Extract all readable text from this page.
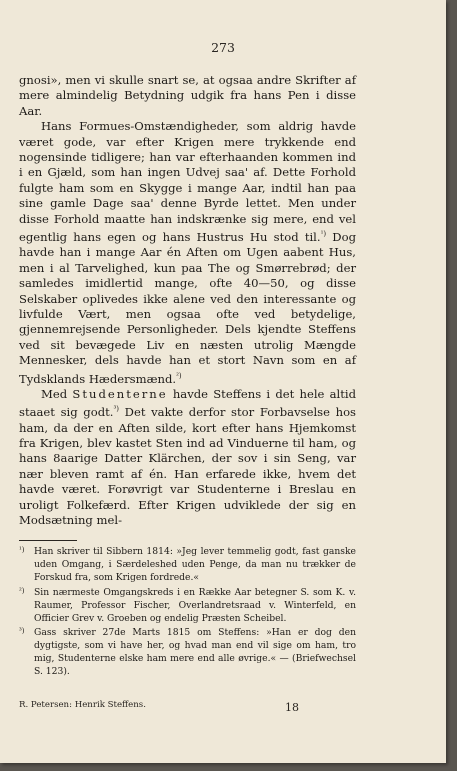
273

gnosi», men vi skulle snart se, at ogsaa andre Skrifter af mere almindelig Betydning udgik fra hans Pen i disse Aar.

Hans Formues-Omstændigheder, som aldrig havde været gode, var efter Krigen mere trykkende end nogensinde tidligere; han var efterhaanden kommen ind i en Gjæld, som han ingen Udvej saa' af. Dette Forhold fulgte ham som en Skygge i mange Aar, indtil han paa sine gamle Dage saa' denne Byrde lettet. Men under disse Forhold maatte han indskrænke sig mere, end vel egentlig hans egen og hans Hustrus Hu stod til.$^{^1)}$ Dog havde han i mange Aar én Aften om Ugen aabent Hus, men i al Tarvelighed, kun paa The og Smørrebrød; der samledes imidlertid mange, ofte 40—50, og disse Selskaber oplivedes ikke alene ved den interessante og livfulde Vært, men ogsaa ofte ved betydelige, gjennemrejsende Personligheder. Dels kjendte Steffens ved sit bevægede Liv en næsten utrolig Mængde Mennesker, dels havde han et stort Navn som en af Tydsklands Hædersmænd.$^{^2)}$

Med Studenterne havde Steffens i det hele altid staaet sig godt.$^{^3)}$ Det vakte derfor stor Forbavselse hos ham, da der en Aften silde, kort efter hans Hjemkomst fra Krigen, blev kastet Sten ind ad Vinduerne til ham, og hans 8aarige Datter Klärchen, der sov i sin Seng, var nær bleven ramt af én. Han erfarede ikke, hvem det havde været. Forøvrigt var Studenterne i Breslau en uroligt Folkefærd. Efter Krigen udviklede der sig en Modsætning mel-

¹) Han skriver til Sibbern 1814: »Jeg lever temmelig godt, fast ganske uden Omgang, i Særdeleshed uden Penge, da man nu trækker de Forskud fra, som Krigen fordrede.«
²) Sin nærmeste Omgangskreds i en Række Aar betegner S. som K. v. Raumer, Professor Fischer, Overlandretsraad v. Winterfeld, en Officier Grev v. Groeben og endelig Præsten Scheibel.
³) Gass skriver 27de Marts 1815 om Steffens: »Han er dog den dygtigste, som vi have her, og hvad man end vil sige om ham, tro mig, Studenterne elske ham mere end alle øvrige.« — (Briefwechsel S. 123).
R. Petersen: Henrik Steffens.	18
